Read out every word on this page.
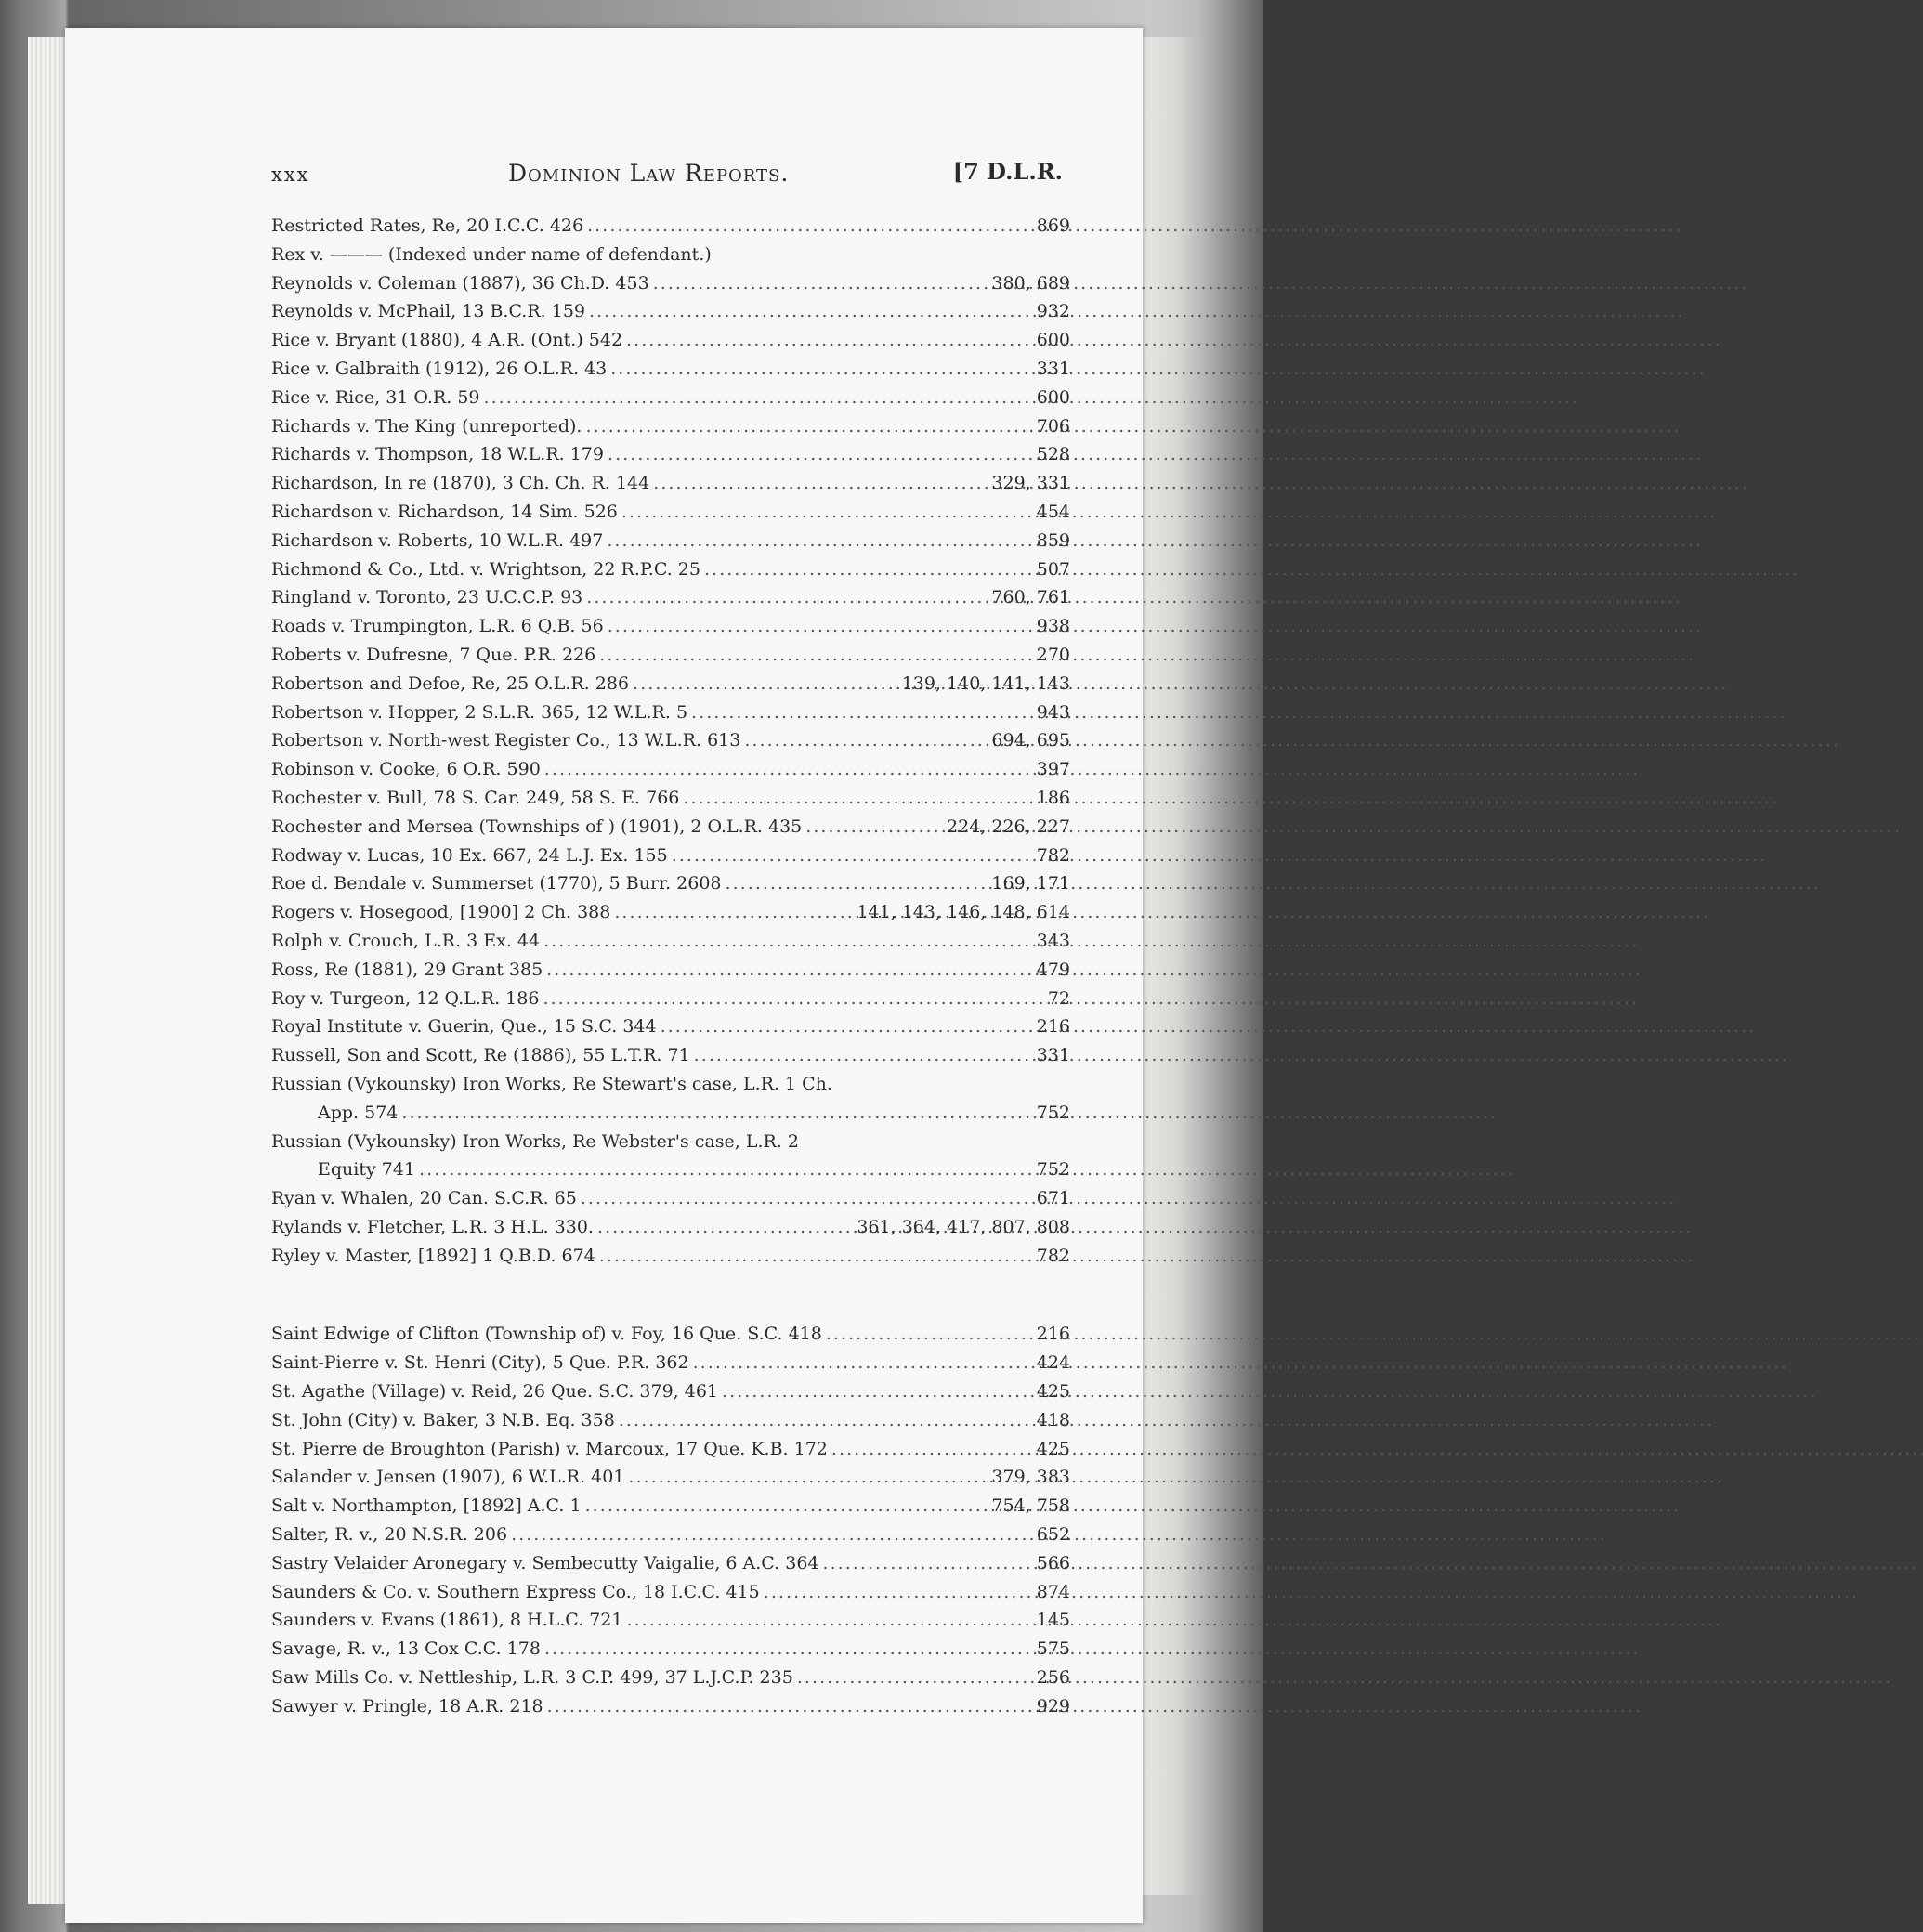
xxx	Dominion Law Reports.	[7 D.L.R.
Restricted Rates, Re, 20 I.C.C. 426 . . .	869
Rex v. ——— (Indexed under name of defendant.)
Reynolds v. Coleman (1887), 36 Ch.D. 453 . . .	380, 689
Reynolds v. McPhail, 13 B.C.R. 159 . . .	932
Rice v. Bryant (1880), 4 A.R. (Ont.) 542 . . .	600
Rice v. Galbraith (1912), 26 O.L.R. 43 . . .	331
Rice v. Rice, 31 O.R. 59 . . .	600
Richards v. The King (unreported). . . .	706
Richards v. Thompson, 18 W.L.R. 179 . . .	528
Richardson, In re (1870), 3 Ch. Ch. R. 144 . . .	329, 331
Richardson v. Richardson, 14 Sim. 526 . . .	454
Richardson v. Roberts, 10 W.L.R. 497 . . .	859
Richmond & Co., Ltd. v. Wrightson, 22 R.P.C. 25 . . .	507
Ringland v. Toronto, 23 U.C.C.P. 93 . . .	760, 761
Roads v. Trumpington, L.R. 6 Q.B. 56 . . .	938
Roberts v. Dufresne, 7 Que. P.R. 226 . . .	270
Robertson and Defoe, Re, 25 O.L.R. 286 . . .	139, 140, 141, 143
Robertson v. Hopper, 2 S.L.R. 365, 12 W.L.R. 5 . . .	943
Robertson v. North-west Register Co., 13 W.L.R. 613 . . .	694, 695
Robinson v. Cooke, 6 O.R. 590 . . .	397
Rochester v. Bull, 78 S. Car. 249, 58 S. E. 766 . . .	186
Rochester and Mersea (Townships of ) (1901), 2 O.L.R. 435 . . .	224, 226, 227
Rodway v. Lucas, 10 Ex. 667, 24 L.J. Ex. 155 . . .	782
Roe d. Bendale v. Summerset (1770), 5 Burr. 2608 . . .	169, 171
Rogers v. Hosegood, [1900] 2 Ch. 388 . . .	141, 143, 146, 148, 614
Rolph v. Crouch, L.R. 3 Ex. 44 . . .	343
Ross, Re (1881), 29 Grant 385 . . .	479
Roy v. Turgeon, 12 Q.L.R. 186 . . .	72
Royal Institute v. Guerin, Que., 15 S.C. 344 . . .	216
Russell, Son and Scott, Re (1886), 55 L.T.R. 71 . . .	331
Russian (Vykounsky) Iron Works, Re Stewart's case, L.R. 1 Ch.
App. 574 . . .	752
Russian (Vykounsky) Iron Works, Re Webster's case, L.R. 2
Equity 741 . . .	752
Ryan v. Whalen, 20 Can. S.C.R. 65 . . .	671
Rylands v. Fletcher, L.R. 3 H.L. 330. . . .	361, 364, 417, 807, 808
Ryley v. Master, [1892] 1 Q.B.D. 674 . . .	782
Saint Edwige of Clifton (Township of) v. Foy, 16 Que. S.C. 418 . . .	216
Saint-Pierre v. St. Henri (City), 5 Que. P.R. 362 . . .	424
St. Agathe (Village) v. Reid, 26 Que. S.C. 379, 461 . . .	425
St. John (City) v. Baker, 3 N.B. Eq. 358 . . .	418
St. Pierre de Broughton (Parish) v. Marcoux, 17 Que. K.B. 172 . . .	425
Salander v. Jensen (1907), 6 W.L.R. 401 . . .	379, 383
Salt v. Northampton, [1892] A.C. 1 . . .	754, 758
Salter, R. v., 20 N.S.R. 206 . . .	652
Sastry Velaider Aronegary v. Sembecutty Vaigalie, 6 A.C. 364 . . .	566
Saunders & Co. v. Southern Express Co., 18 I.C.C. 415 . . .	874
Saunders v. Evans (1861), 8 H.L.C. 721 . . .	145
Savage, R. v., 13 Cox C.C. 178 . . .	575
Saw Mills Co. v. Nettleship, L.R. 3 C.P. 499, 37 L.J.C.P. 235 . . .	256
Sawyer v. Pringle, 18 A.R. 218 . . .	929
